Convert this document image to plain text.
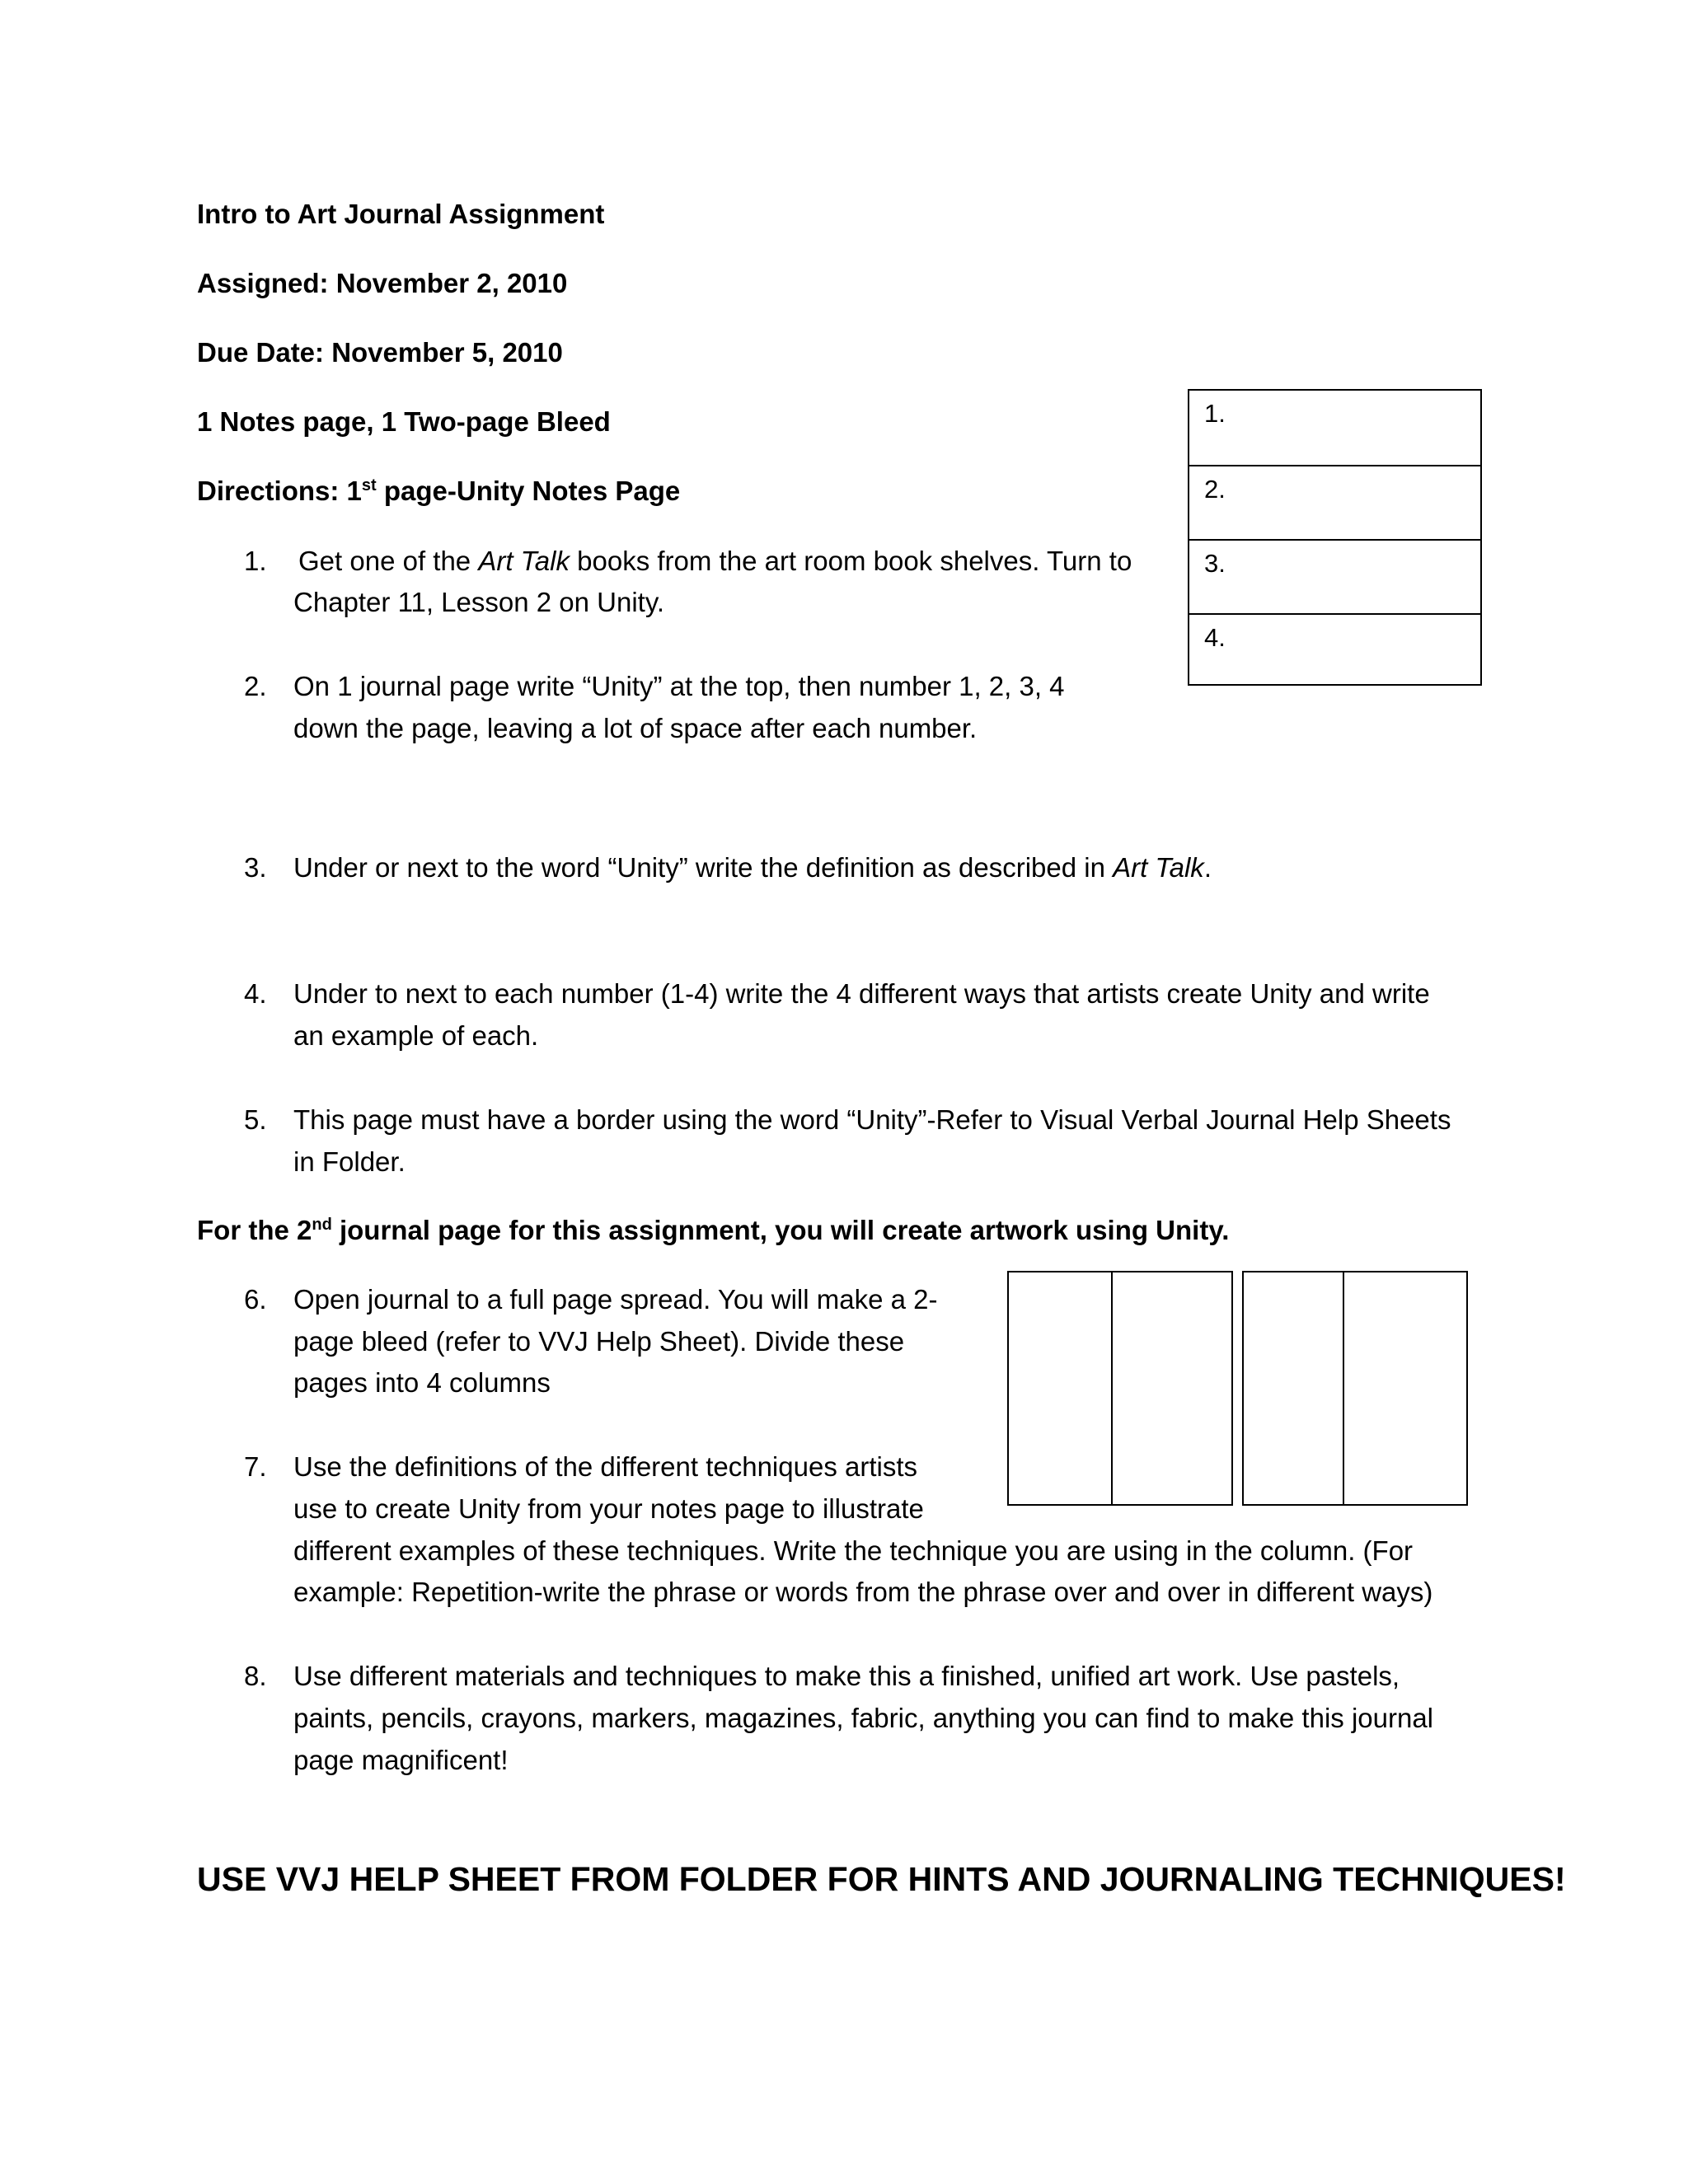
Intro to Art Journal Assignment
Assigned: November 2, 2010
Due Date: November 5, 2010
1 Notes page, 1 Two-page Bleed
Directions: 1st page-Unity Notes Page
1.
2.
3.
4.
1. Get one of the Art Talk books from the art room book shelves. Turn to
Chapter 11, Lesson 2 on Unity.
2. On 1 journal page write “Unity” at the top, then number 1, 2, 3, 4
down the page, leaving a lot of space after each number.
3. Under or next to the word “Unity” write the definition as described in Art Talk.
4. Under to next to each number (1-4) write the 4 different ways that artists create Unity and write
an example of each.
5. This page must have a border using the word “Unity”-Refer to Visual Verbal Journal Help Sheets
in Folder.
For the 2nd journal page for this assignment, you will create artwork using Unity.
6. Open journal to a full page spread. You will make a 2-
page bleed (refer to VVJ Help Sheet). Divide these
pages into 4 columns
7. Use the definitions of the different techniques artists
use to create Unity from your notes page to illustrate
different examples of these techniques. Write the technique you are using in the column. (For
example: Repetition-write the phrase or words from the phrase over and over in different ways)
8. Use different materials and techniques to make this a finished, unified art work. Use pastels,
paints, pencils, crayons, markers, magazines, fabric, anything you can find to make this journal
page magnificent!
USE VVJ HELP SHEET FROM FOLDER FOR HINTS AND JOURNALING TECHNIQUES!
